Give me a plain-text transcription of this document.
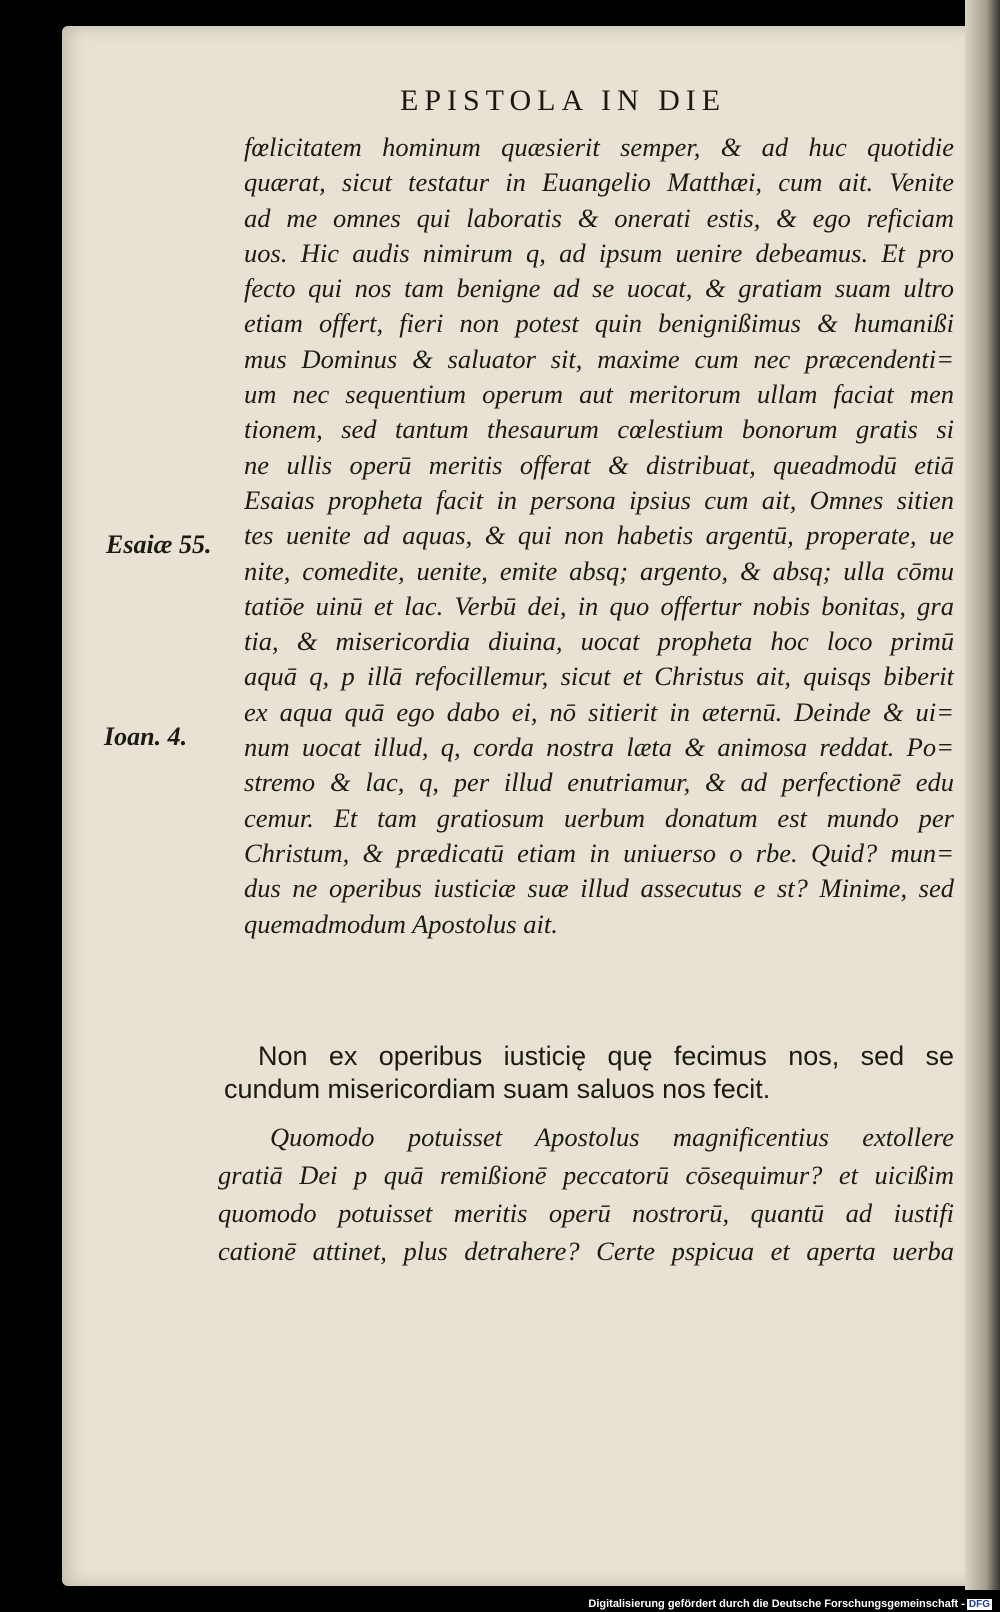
EPISTOLA IN DIE
Esaiæ 55.
Ioan. 4.
fœlicitatem hominum quæsierit semper, & ad huc quotidie
quærat, sicut testatur in Euangelio Matthæi, cum ait. Venite
ad me omnes qui laboratis & onerati estis, & ego reficiam
uos. Hic audis nimirum q, ad ipsum uenire debeamus. Et pro
fecto qui nos tam benigne ad se uocat, & gratiam suam ultro
etiam offert, fieri non potest quin benignißimus & humanißi
mus Dominus & saluator sit, maxime cum nec præcendenti=
um nec sequentium operum aut meritorum ullam faciat men
tionem, sed tantum thesaurum cœlestium bonorum gratis si
ne ullis operū meritis offerat & distribuat, queadmodū etiā
Esaias propheta facit in persona ipsius cum ait, Omnes sitien
tes uenite ad aquas, & qui non habetis argentū, properate, ue
nite, comedite, uenite, emite absq; argento, & absq; ulla cōmu
tatiōe uinū et lac. Verbū dei, in quo offertur nobis bonitas, gra
tia, & misericordia diuina, uocat propheta hoc loco primū
aquā q, p illā refocillemur, sicut et Christus ait, quisqs biberit
ex aqua quā ego dabo ei, nō sitierit in æternū. Deinde & ui=
num uocat illud, q, corda nostra læta & animosa reddat. Po=
stremo & lac, q, per illud enutriamur, & ad perfectionē edu
cemur. Et tam gratiosum uerbum donatum est mundo per
Christum, & prædicatū etiam in uniuerso o rbe. Quid? mun=
dus ne operibus iusticiæ suæ illud assecutus e st? Minime, sed
quemadmodum Apostolus ait.
Non ex operibus iusticię quę fecimus nos, sed se
cundum misericordiam suam saluos nos fecit.
Quomodo potuisset Apostolus magnificentius extollere
gratiā Dei p quā remißionē peccatorū cōsequimur? et uicißim
quomodo potuisset meritis operū nostrorū, quantū ad iustifi
cationē attinet, plus detrahere? Certe pspicua et aperta uerba
Digitalisierung gefördert durch die Deutsche Forschungsgemeinschaft - DFG
